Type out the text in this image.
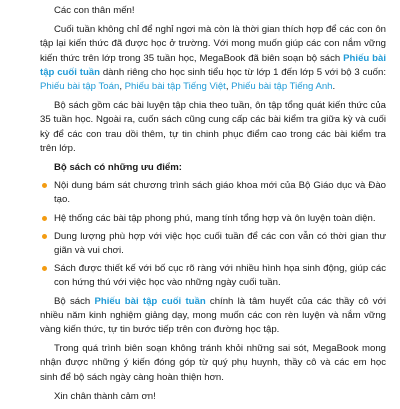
Các con thân mến!

Cuối tuần không chỉ để nghỉ ngơi mà còn là thời gian thích hợp để các con ôn tập lại kiến thức đã được học ở trường. Với mong muốn giúp các con nắm vững kiến thức trên lớp trong 35 tuần học, MegaBook đã biên soạn bộ sách Phiếu bài tập cuối tuần dành riêng cho học sinh tiểu học từ lớp 1 đến lớp 5 với bộ 3 cuốn: Phiếu bài tập Toán, Phiếu bài tập Tiếng Việt, Phiếu bài tập Tiếng Anh.

Bộ sách gồm các bài luyện tập chia theo tuần, ôn tập tổng quát kiến thức của 35 tuần học. Ngoài ra, cuốn sách cũng cung cấp các bài kiểm tra giữa kỳ và cuối kỳ để các con trau dồi thêm, tự tin chinh phục điểm cao trong các bài kiểm tra trên lớp.

Bộ sách có những ưu điểm:
Nội dung bám sát chương trình sách giáo khoa mới của Bộ Giáo dục và Đào tạo.
Hệ thống các bài tập phong phú, mang tính tổng hợp và ôn luyện toàn diện.
Dung lượng phù hợp với việc học cuối tuần để các con vẫn có thời gian thư giãn và vui chơi.
Sách được thiết kế với bố cục rõ ràng với nhiều hình họa sinh động, giúp các con hứng thú với việc học vào những ngày cuối tuần.

Bộ sách Phiếu bài tập cuối tuần chính là tâm huyết của các thầy cô với nhiều năm kinh nghiệm giảng dạy, mong muốn các con rèn luyện và nắm vững vàng kiến thức, tự tin bước tiếp trên con đường học tập.

Trong quá trình biên soạn không tránh khỏi những sai sót, MegaBook mong nhận được những ý kiến đóng góp từ quý phụ huynh, thầy cô và các em học sinh để bộ sách ngày càng hoàn thiện hơn.

Xin chân thành cảm ơn!
